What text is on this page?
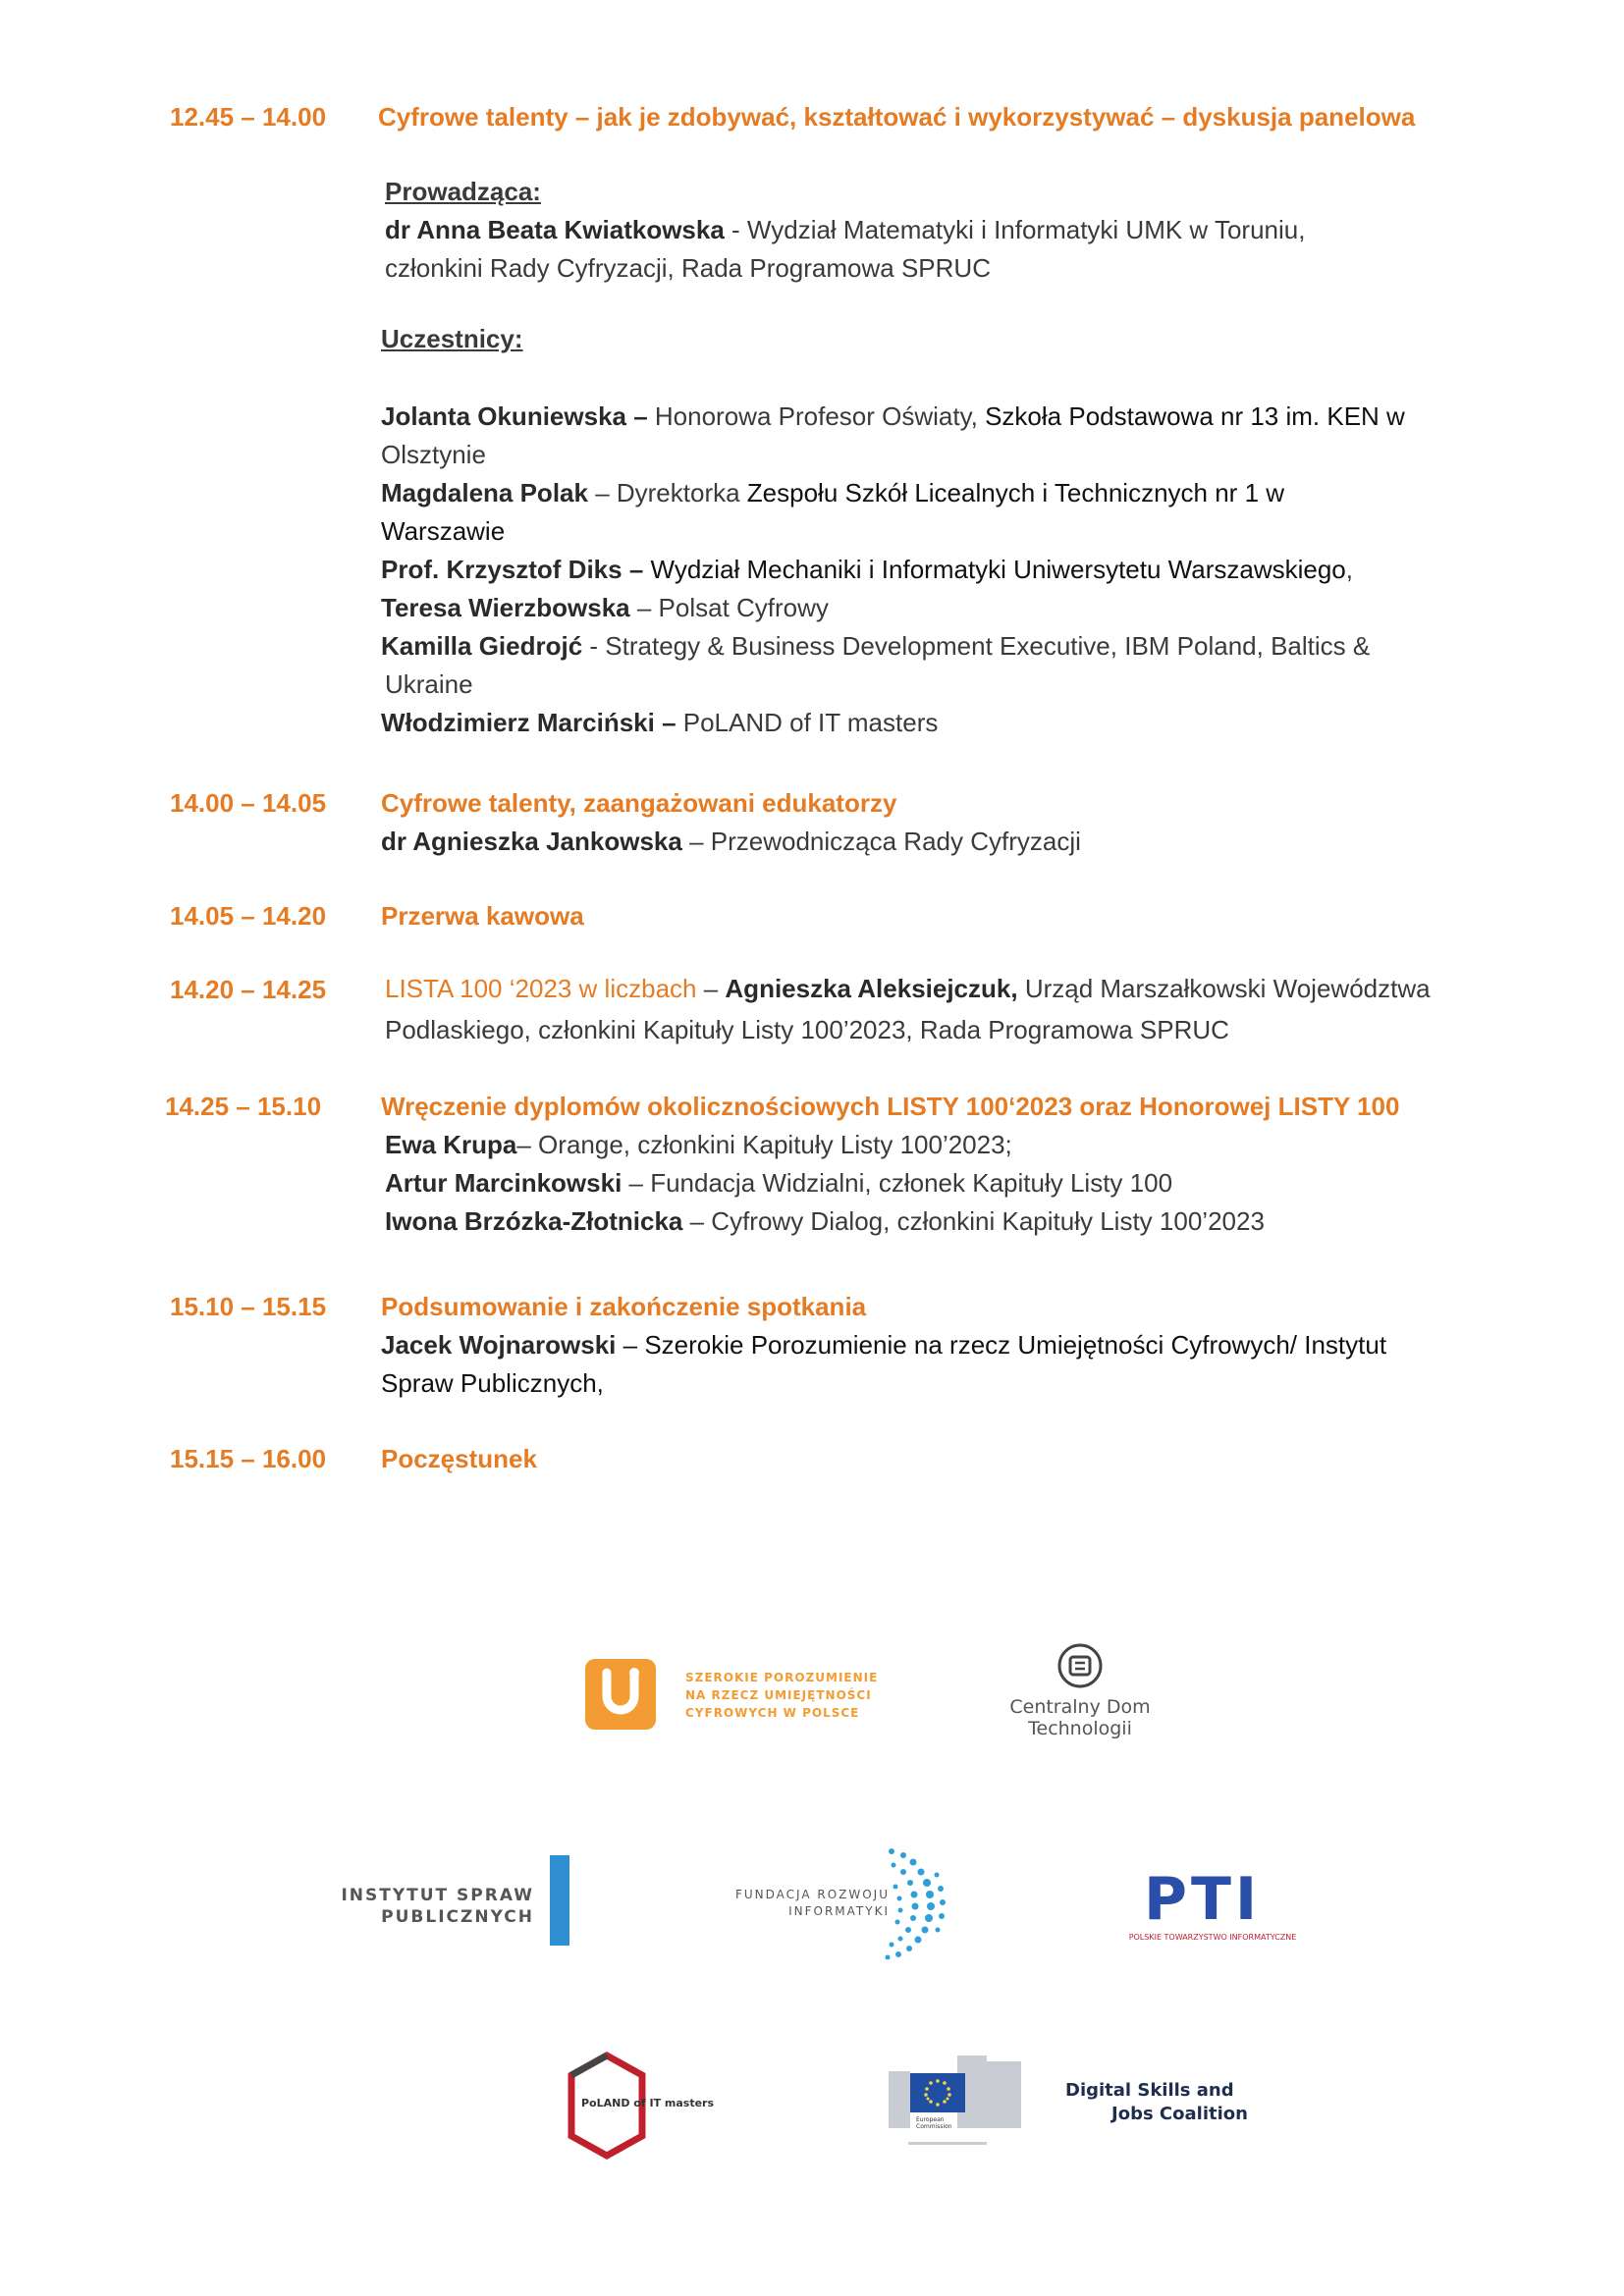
12.45 – 14.00 Cyfrowe talenty – jak je zdobywać, kształtować i wykorzystywać – dyskusja panelowa
Prowadząca:
dr Anna Beata Kwiatkowska - Wydział Matematyki i Informatyki UMK w Toruniu,
członkini Rady Cyfryzacji, Rada Programowa SPRUC
Uczestnicy:
Jolanta Okuniewska – Honorowa Profesor Oświaty, Szkoła Podstawowa nr 13 im. KEN w
Olsztynie
Magdalena Polak – Dyrektorka Zespołu Szkół Licealnych i Technicznych nr 1 w
Warszawie
Prof. Krzysztof Diks – Wydział Mechaniki i Informatyki Uniwersytetu Warszawskiego,
Teresa Wierzbowska – Polsat Cyfrowy
Kamilla Giedrojć - Strategy & Business Development Executive, IBM Poland, Baltics &
Ukraine
Włodzimierz Marciński – PoLAND of IT masters
14.00 – 14.05 Cyfrowe talenty, zaangażowani edukatorzy
dr Agnieszka Jankowska – Przewodnicząca Rady Cyfryzacji
14.05 – 14.20 Przerwa kawowa
14.20 – 14.25 LISTA 100 ‘2023 w liczbach – Agnieszka Aleksiejczuk, Urząd Marszałkowski Województwa
Podlaskiego, członkini Kapituły Listy 100’2023, Rada Programowa SPRUC
14.25 – 15.10 Wręczenie dyplomów okolicznościowych LISTY 100‘2023 oraz Honorowej LISTY 100
Ewa Krupa– Orange, członkini Kapituły Listy 100’2023;
Artur Marcinkowski – Fundacja Widzialni, członek Kapituły Listy 100
Iwona Brzózka-Złotnicka – Cyfrowy Dialog, członkini Kapituły Listy 100’2023
15.10 – 15.15 Podsumowanie i zakończenie spotkania
Jacek Wojnarowski – Szerokie Porozumienie na rzecz Umiejętności Cyfrowych/ Instytut
Spraw Publicznych,
15.15 – 16.00 Poczęstunek
SZEROKIE POROZUMIENIE
NA RZECZ UMIEJĘTNOŚCI
CYFROWYCH W POLSCE	Centralny Dom
Technologii
INSTYTUT SPRAW
PUBLICZNYCH
FUNDACJA ROZWOJU
INFORMATYKI	PTI
POLSKIE TOWARZYSTWO INFORMATYCZNE
PoLAND of IT masters
European
Commission
Digital Skills and
Jobs Coalition
